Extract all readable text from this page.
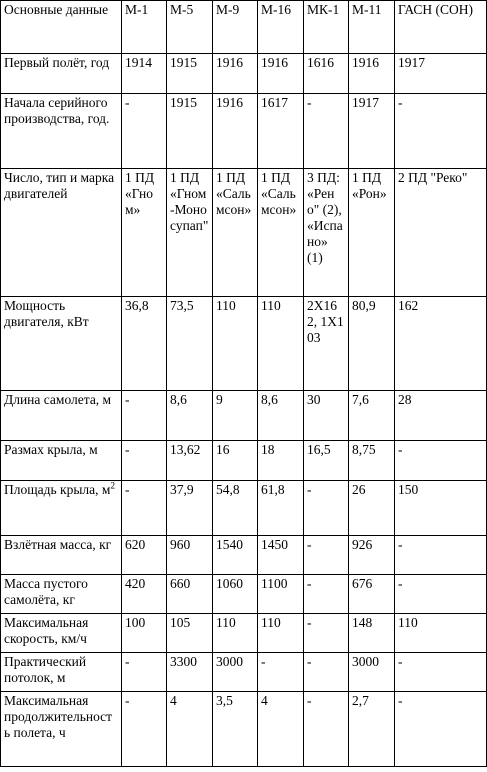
Основные данные	М-1	М-5	М-9	М-16	МК-1	М-11	ГАСН (СОН)
Первый полёт, год	1914	1915	1916	1916	1616	1916	1917
Начала серийного производства, год.	-	1915	1916	1617	-	1917	-
Число, тип и марка двигателей	1 ПД «Гном»	1 ПД «Гном-Моносупап"	1 ПД «Сальмсон»	1 ПД «Сальмсон»	3 ПД: «Рено" (2), «Испано» (1)	1 ПД «Рон»	2 ПД "Реко"
Мощность двигателя, кВт	36,8	73,5	110	110	2Х162, 1Х103	80,9	162
Длина самолета, м	-	8,6	9	8,6	30	7,6	28
Размах крыла, м	-	13,62	16	18	16,5	8,75	-
Площадь крыла, $м^2$	-	37,9	54,8	61,8	-	26	150
Взлётная масса, кг	620	960	1540	1450	-	926	-
Масса пустого самолёта, кг	420	660	1060	1100	-	676	-
Максимальная скорость, км/ч	100	105	110	110	-	148	110
Практический потолок, м	-	3300	3000	-	-	3000	-
Максимальная продолжительность полета, ч	-	4	3,5	4	-	2,7	-
